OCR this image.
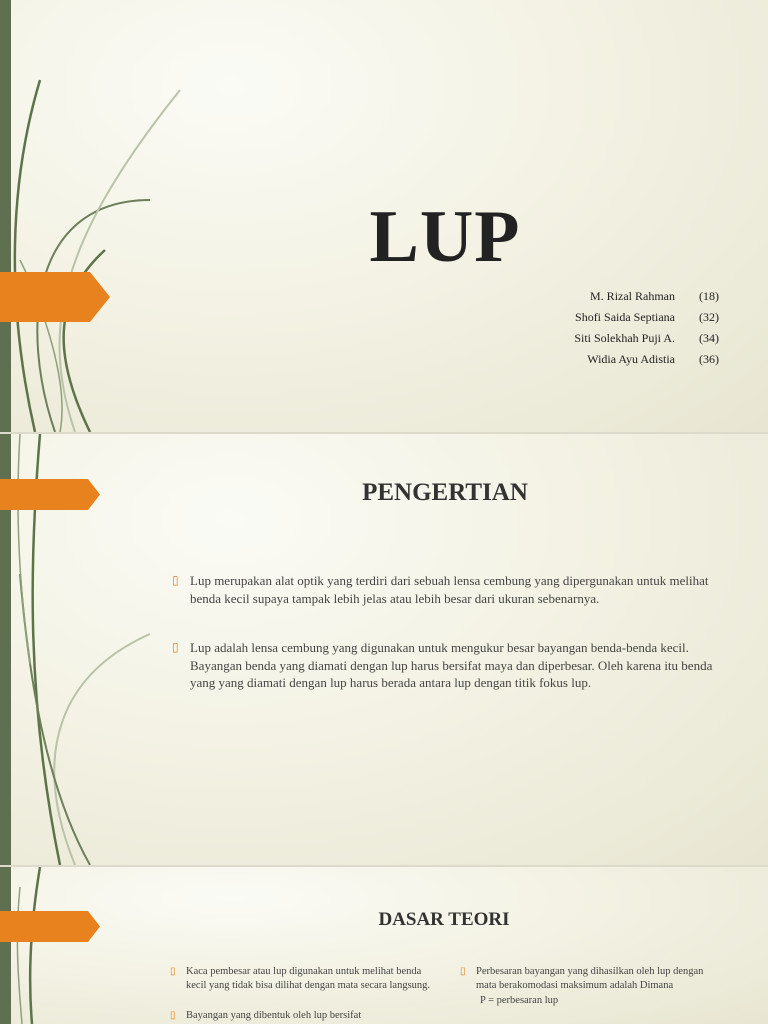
LUP
M. Rizal Rahman (18)
Shofi Saida Septiana (32)
Siti Solekhah Puji A. (34)
Widia Ayu Adistia (36)
PENGERTIAN
▯ Lup merupakan alat optik yang terdiri dari sebuah lensa cembung yang dipergunakan untuk melihat benda kecil supaya tampak lebih jelas atau lebih besar dari ukuran sebenarnya.
▯ Lup adalah lensa cembung yang digunakan untuk mengukur besar bayangan benda-benda kecil. Bayangan benda yang diamati dengan lup harus bersifat maya dan diperbesar. Oleh karena itu benda yang yang diamati dengan lup harus berada antara lup dengan titik fokus lup.
DASAR TEORI
▯ Kaca pembesar atau lup digunakan untuk melihat benda kecil yang tidak bisa dilihat dengan mata secara langsung.
▯ Bayangan yang dibentuk oleh lup bersifat
▯ Perbesaran bayangan yang dihasilkan oleh lup dengan mata berakomodasi maksimum adalah Dimana
P = perbesaran lup
